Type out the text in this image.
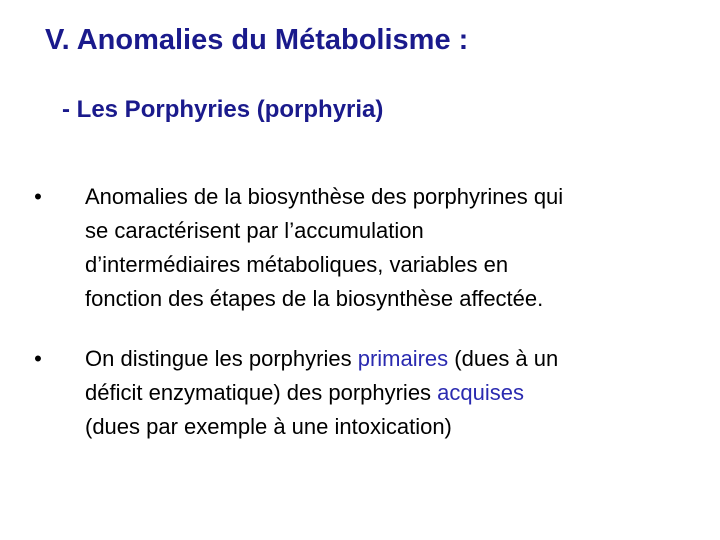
V. Anomalies du Métabolisme :
- Les Porphyries (porphyria)
• Anomalies de la biosynthèse des porphyrines qui
se caractérisent par l’accumulation
d’intermédiaires métaboliques, variables en
fonction des étapes de la biosynthèse affectée.
• On distingue les porphyries primaires (dues à un
déficit enzymatique) des porphyries acquises
(dues par exemple à une intoxication)
